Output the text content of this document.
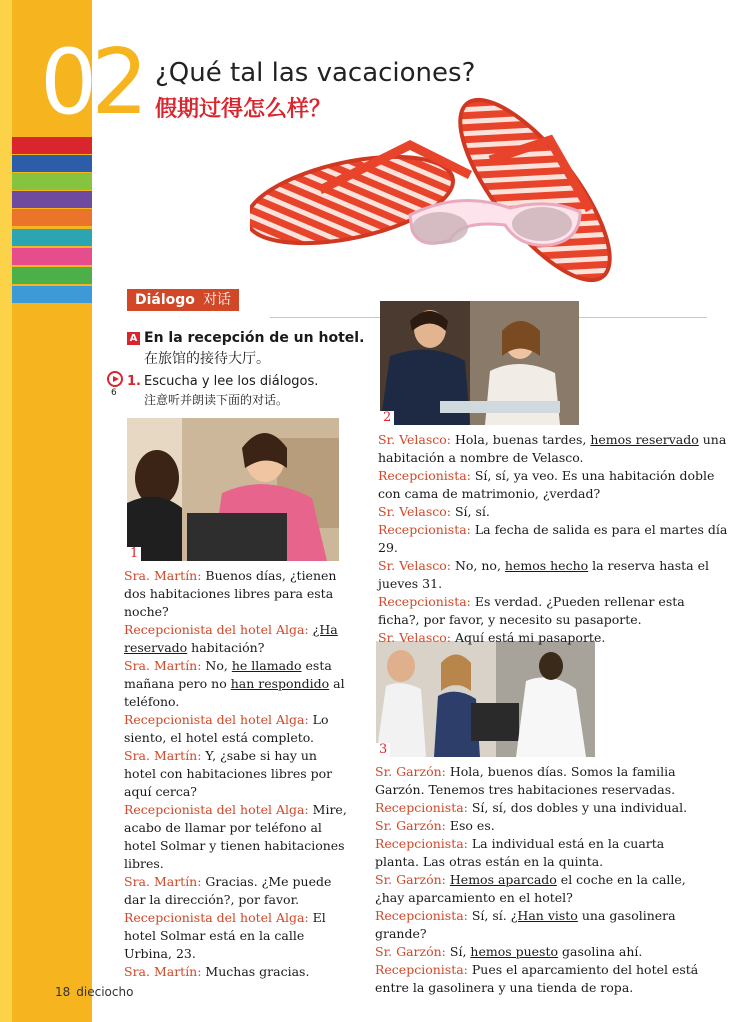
02 ¿Qué tal las vacaciones?
假期过得怎么样？
Diálogo 对话
A En la recepción de un hotel.
在旅馆的接待大厅。
6
1. Escucha y lee los diálogos.
注意听并朗读下面的对话。
1
2
3

Sra. Martín: Buenos días, ¿tienen dos habitaciones libres para esta noche?

Recepcionista del hotel Alga: ¿Ha reservado habitación?

Sra. Martín: No, he llamado esta mañana pero no han respondido al teléfono.

Recepcionista del hotel Alga: Lo siento, el hotel está completo.

Sra. Martín: Y, ¿sabe si hay un hotel con habitaciones libres por aquí cerca?

Recepcionista del hotel Alga: Mire, acabo de llamar por teléfono al hotel Solmar y tienen habitaciones libres.

Sra. Martín: Gracias. ¿Me puede dar la dirección?, por favor.

Recepcionista del hotel Alga: El hotel Solmar está en la calle Urbina, 23.

Sra. Martín: Muchas gracias.

Sr. Velasco: Hola, buenas tardes, hemos reservado una habitación a nombre de Velasco.

Recepcionista: Sí, sí, ya veo. Es una habitación doble con cama de matrimonio, ¿verdad?

Sr. Velasco: Sí, sí.

Recepcionista: La fecha de salida es para el martes día 29.

Sr. Velasco: No, no, hemos hecho la reserva hasta el jueves 31.

Recepcionista: Es verdad. ¿Pueden rellenar esta ficha?, por favor, y necesito su pasaporte.

Sr. Velasco: Aquí está mi pasaporte.

Sr. Garzón: Hola, buenos días. Somos la familia Garzón. Tenemos tres habitaciones reservadas.

Recepcionista: Sí, sí, dos dobles y una individual.

Sr. Garzón: Eso es.

Recepcionista: La individual está en la cuarta planta. Las otras están en la quinta.

Sr. Garzón: Hemos aparcado el coche en la calle, ¿hay aparcamiento en el hotel?

Recepcionista: Sí, sí. ¿Han visto una gasolinera grande?

Sr. Garzón: Sí, hemos puesto gasolina ahí.

Recepcionista: Pues el aparcamiento del hotel está entre la gasolinera y una tienda de ropa.

18 dieciocho
